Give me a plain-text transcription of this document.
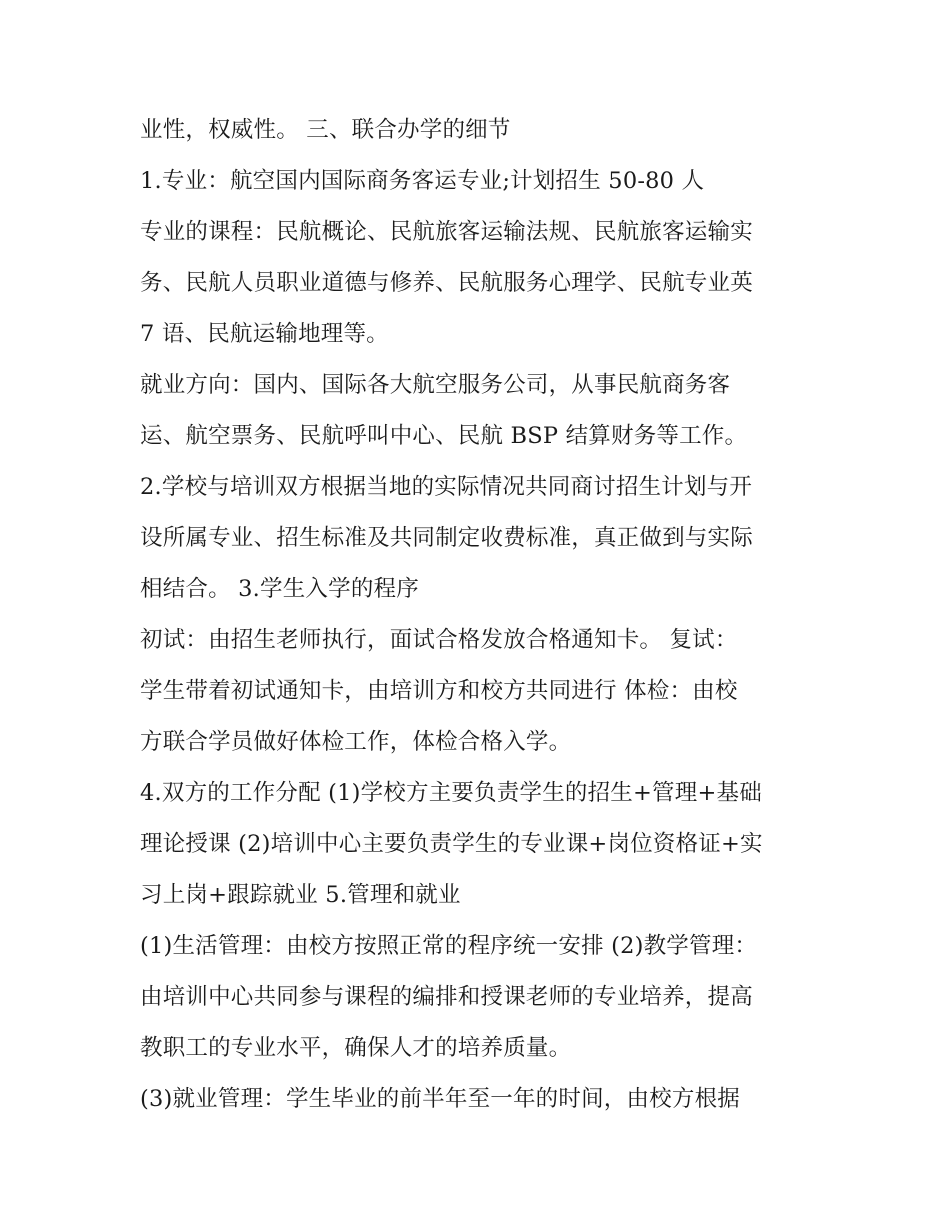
业性，权威性。 三、联合办学的细节
1.专业：航空国内国际商务客运专业;计划招生 50-80 人
专业的课程：民航概论、民航旅客运输法规、民航旅客运输实
务、民航人员职业道德与修养、民航服务心理学、民航专业英
7 语、民航运输地理等。
就业方向：国内、国际各大航空服务公司，从事民航商务客
运、航空票务、民航呼叫中心、民航 BSP 结算财务等工作。
2.学校与培训双方根据当地的实际情况共同商讨招生计划与开
设所属专业、招生标准及共同制定收费标准，真正做到与实际
相结合。 3.学生入学的程序
初试：由招生老师执行，面试合格发放合格通知卡。 复试：
学生带着初试通知卡，由培训方和校方共同进行 体检：由校
方联合学员做好体检工作，体检合格入学。
4.双方的工作分配 (1)学校方主要负责学生的招生+管理+基础
理论授课 (2)培训中心主要负责学生的专业课+岗位资格证+实
习上岗+跟踪就业 5.管理和就业
(1)生活管理：由校方按照正常的程序统一安排 (2)教学管理：
由培训中心共同参与课程的编排和授课老师的专业培养，提高
教职工的专业水平，确保人才的培养质量。
(3)就业管理：学生毕业的前半年至一年的时间，由校方根据
